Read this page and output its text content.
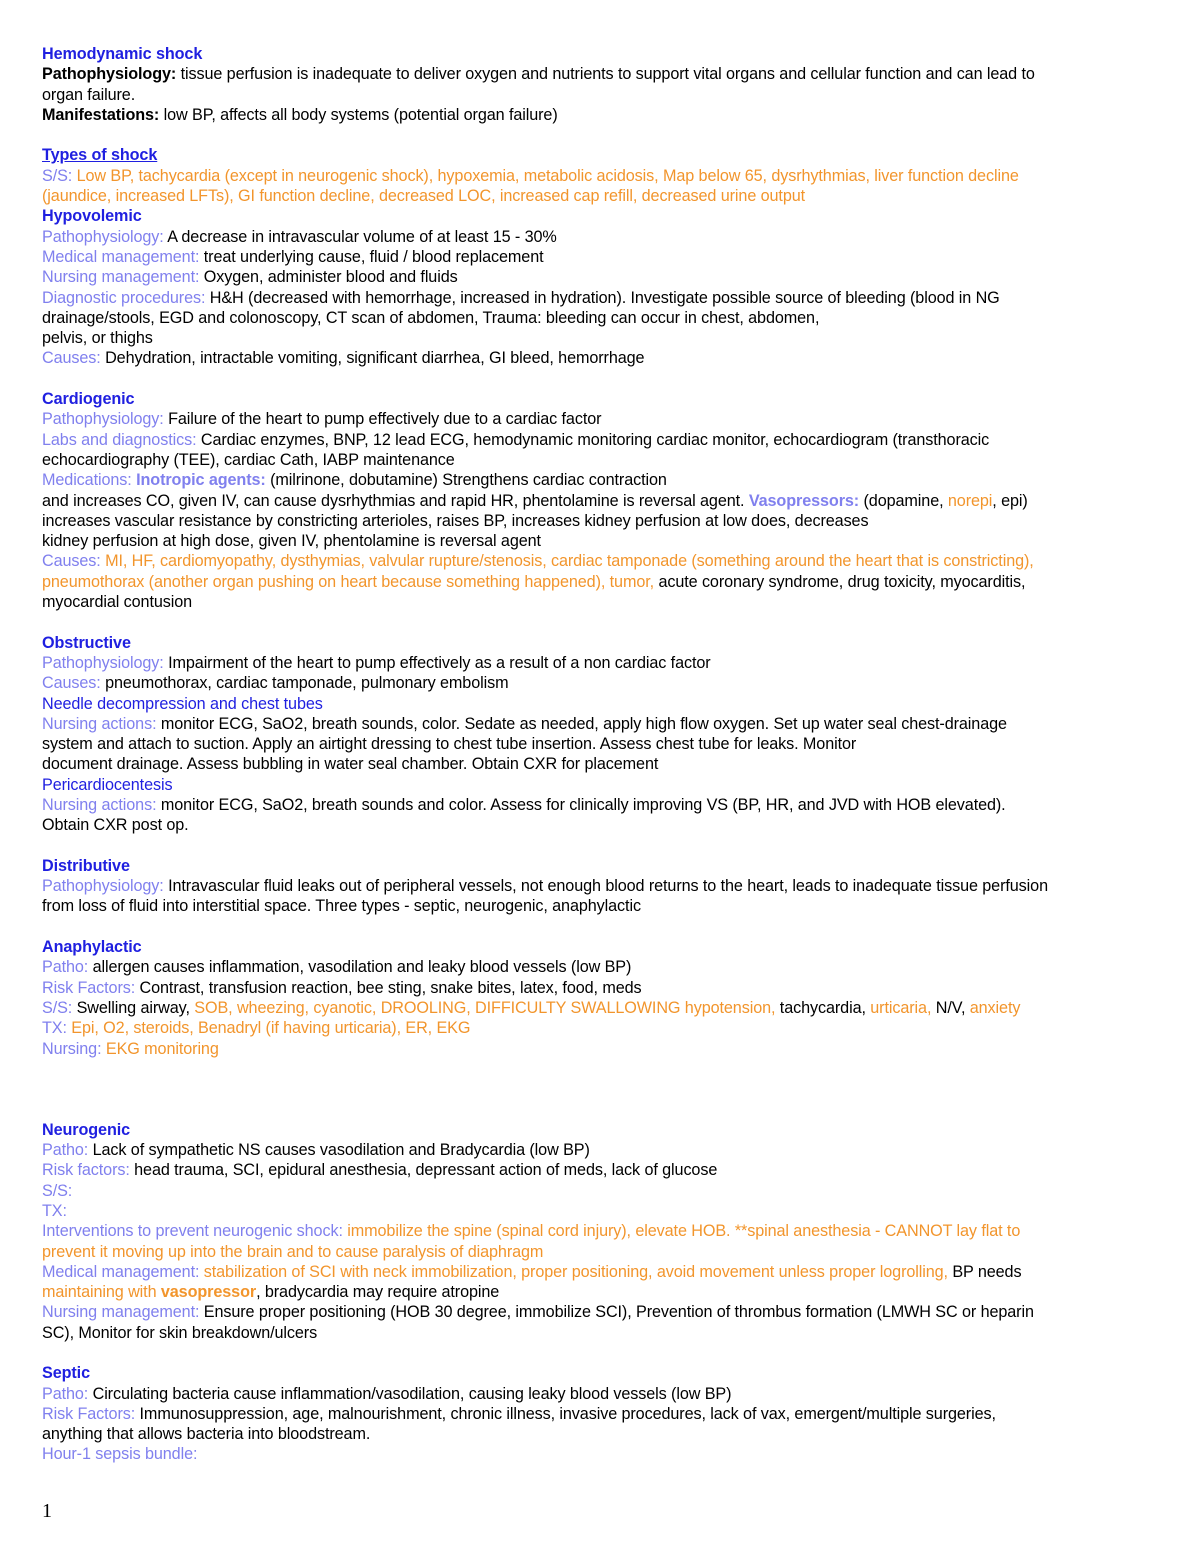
Hemodynamic shock
Pathophysiology: tissue perfusion is inadequate to deliver oxygen and nutrients to support vital organs and cellular function and can lead to
organ failure.
Manifestations: low BP, affects all body systems (potential organ failure)
Types of shock
S/S: Low BP, tachycardia (except in neurogenic shock), hypoxemia, metabolic acidosis, Map below 65, dysrhythmias, liver function decline
(jaundice, increased LFTs), GI function decline, decreased LOC, increased cap refill, decreased urine output
Hypovolemic
Pathophysiology: A decrease in intravascular volume of at least 15 - 30%
Medical management: treat underlying cause, fluid / blood replacement
Nursing management: Oxygen, administer blood and fluids
Diagnostic procedures: H&H (decreased with hemorrhage, increased in hydration). Investigate possible source of bleeding (blood in NG
drainage/stools, EGD and colonoscopy, CT scan of abdomen, Trauma: bleeding can occur in chest, abdomen,
pelvis, or thighs
Causes: Dehydration, intractable vomiting, significant diarrhea, GI bleed, hemorrhage
Cardiogenic
Pathophysiology: Failure of the heart to pump effectively due to a cardiac factor
Labs and diagnostics: Cardiac enzymes, BNP, 12 lead ECG, hemodynamic monitoring cardiac monitor, echocardiogram (transthoracic
echocardiography (TEE), cardiac Cath, IABP maintenance
Medications: Inotropic agents: (milrinone, dobutamine) Strengthens cardiac contraction
and increases CO, given IV, can cause dysrhythmias and rapid HR, phentolamine is reversal agent. Vasopressors: (dopamine, norepi, epi)
increases vascular resistance by constricting arterioles, raises BP, increases kidney perfusion at low does, decreases
kidney perfusion at high dose, given IV, phentolamine is reversal agent
Causes: MI, HF, cardiomyopathy, dysthymias, valvular rupture/stenosis, cardiac tamponade (something around the heart that is constricting),
pneumothorax (another organ pushing on heart because something happened), tumor, acute coronary syndrome, drug toxicity, myocarditis,
myocardial contusion
Obstructive
Pathophysiology: Impairment of the heart to pump effectively as a result of a non cardiac factor
Causes: pneumothorax, cardiac tamponade, pulmonary embolism
Needle decompression and chest tubes
Nursing actions: monitor ECG, SaO2, breath sounds, color. Sedate as needed, apply high flow oxygen. Set up water seal chest-drainage
system and attach to suction. Apply an airtight dressing to chest tube insertion. Assess chest tube for leaks. Monitor
document drainage. Assess bubbling in water seal chamber. Obtain CXR for placement
Pericardiocentesis
Nursing actions: monitor ECG, SaO2, breath sounds and color. Assess for clinically improving VS (BP, HR, and JVD with HOB elevated).
Obtain CXR post op.
Distributive
Pathophysiology: Intravascular fluid leaks out of peripheral vessels, not enough blood returns to the heart, leads to inadequate tissue perfusion
from loss of fluid into interstitial space. Three types - septic, neurogenic, anaphylactic
Anaphylactic
Patho: allergen causes inflammation, vasodilation and leaky blood vessels (low BP)
Risk Factors: Contrast, transfusion reaction, bee sting, snake bites, latex, food, meds
S/S: Swelling airway, SOB, wheezing, cyanotic, DROOLING, DIFFICULTY SWALLOWING hypotension, tachycardia, urticaria, N/V, anxiety
TX: Epi, O2, steroids, Benadryl (if having urticaria), ER, EKG
Nursing: EKG monitoring
Neurogenic
Patho: Lack of sympathetic NS causes vasodilation and Bradycardia (low BP)
Risk factors: head trauma, SCI, epidural anesthesia, depressant action of meds, lack of glucose
S/S:
TX:
Interventions to prevent neurogenic shock: immobilize the spine (spinal cord injury), elevate HOB. **spinal anesthesia - CANNOT lay flat to
prevent it moving up into the brain and to cause paralysis of diaphragm
Medical management: stabilization of SCI with neck immobilization, proper positioning, avoid movement unless proper logrolling, BP needs
maintaining with vasopressor, bradycardia may require atropine
Nursing management: Ensure proper positioning (HOB 30 degree, immobilize SCI), Prevention of thrombus formation (LMWH SC or heparin
SC), Monitor for skin breakdown/ulcers
Septic
Patho: Circulating bacteria cause inflammation/vasodilation, causing leaky blood vessels (low BP)
Risk Factors: Immunosuppression, age, malnourishment, chronic illness, invasive procedures, lack of vax, emergent/multiple surgeries,
anything that allows bacteria into bloodstream.
Hour-1 sepsis bundle:
1
